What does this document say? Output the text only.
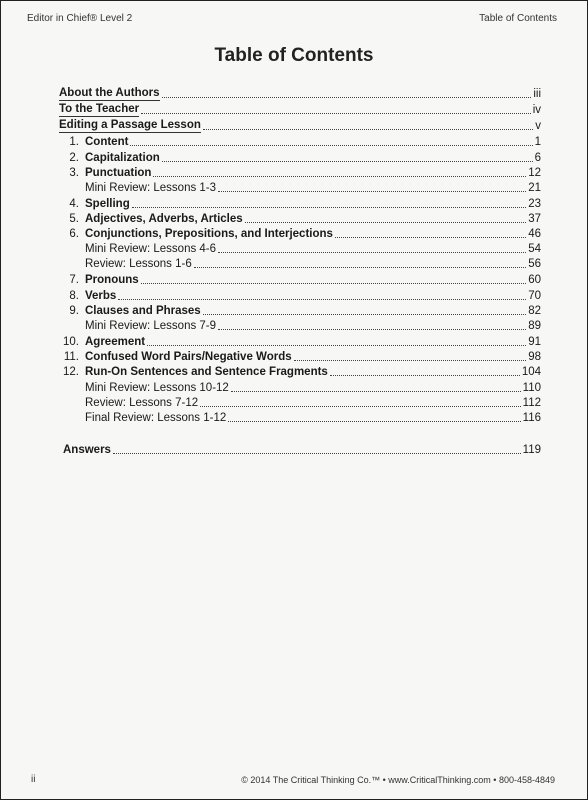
Editor in Chief® Level 2	Table of Contents
Table of Contents
About the Authors	iii
To the Teacher	iv
Editing a Passage Lesson	v
1. Content	1
2. Capitalization	6
3. Punctuation	12
Mini Review: Lessons 1-3	21
4. Spelling	23
5. Adjectives, Adverbs, Articles	37
6. Conjunctions, Prepositions, and Interjections	46
Mini Review: Lessons 4-6	54
Review: Lessons 1-6	56
7. Pronouns	60
8. Verbs	70
9. Clauses and Phrases	82
Mini Review: Lessons 7-9	89
10. Agreement	91
11. Confused Word Pairs/Negative Words	98
12. Run-On Sentences and Sentence Fragments	104
Mini Review: Lessons 10-12	110
Review: Lessons 7-12	112
Final Review: Lessons 1-12	116
Answers	119
ii	© 2014 The Critical Thinking Co.™ • www.CriticalThinking.com • 800-458-4849
